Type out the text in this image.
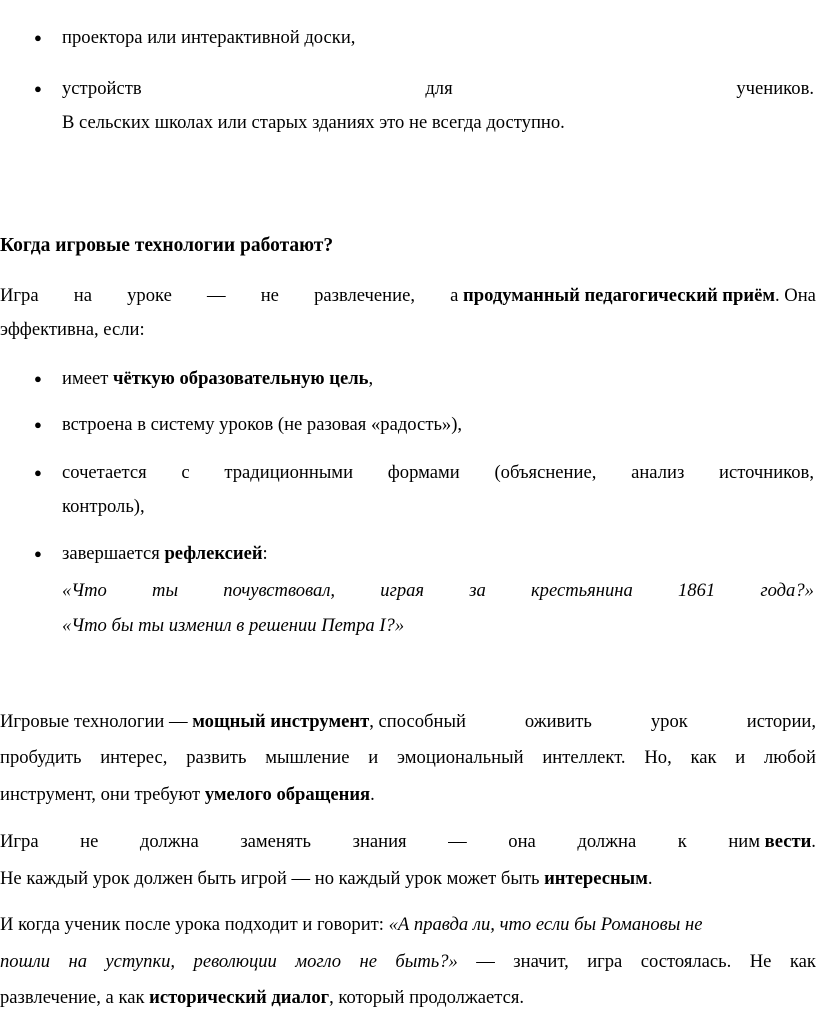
● проектора или интерактивной доски,
● устройств	для	учеников.
В сельских школах или старых зданиях это не всегда доступно.
Когда игровые технологии работают?
Игра на уроке — не развлечение, а продуманный педагогический приём. Она
эффективна, если:
● имеет чёткую образовательную цель,
● встроена в систему уроков (не разовая «радость»),
● сочетается с традиционными формами (объяснение, анализ источников,
контроль),
● завершается рефлексией:
«Что ты почувствовал, играя за крестьянина 1861 года?»
«Что бы ты изменил в решении Петра I?»
Игровые технологии — мощный инструмент, способный	оживить	урок	истории,
пробудить интерес, развить мышление и эмоциональный интеллект. Но, как и любой
инструмент, они требуют умелого обращения.
Игра не должна заменять знания — она должна к ним вести.
Не каждый урок должен быть игрой — но каждый урок может быть интересным.
И когда ученик после урока подходит и говорит: «А правда ли, что если бы Романовы не
пошли на уступки, революции могло не быть?» — значит, игра состоялась. Не как
развлечение, а как исторический диалог, который продолжается.
